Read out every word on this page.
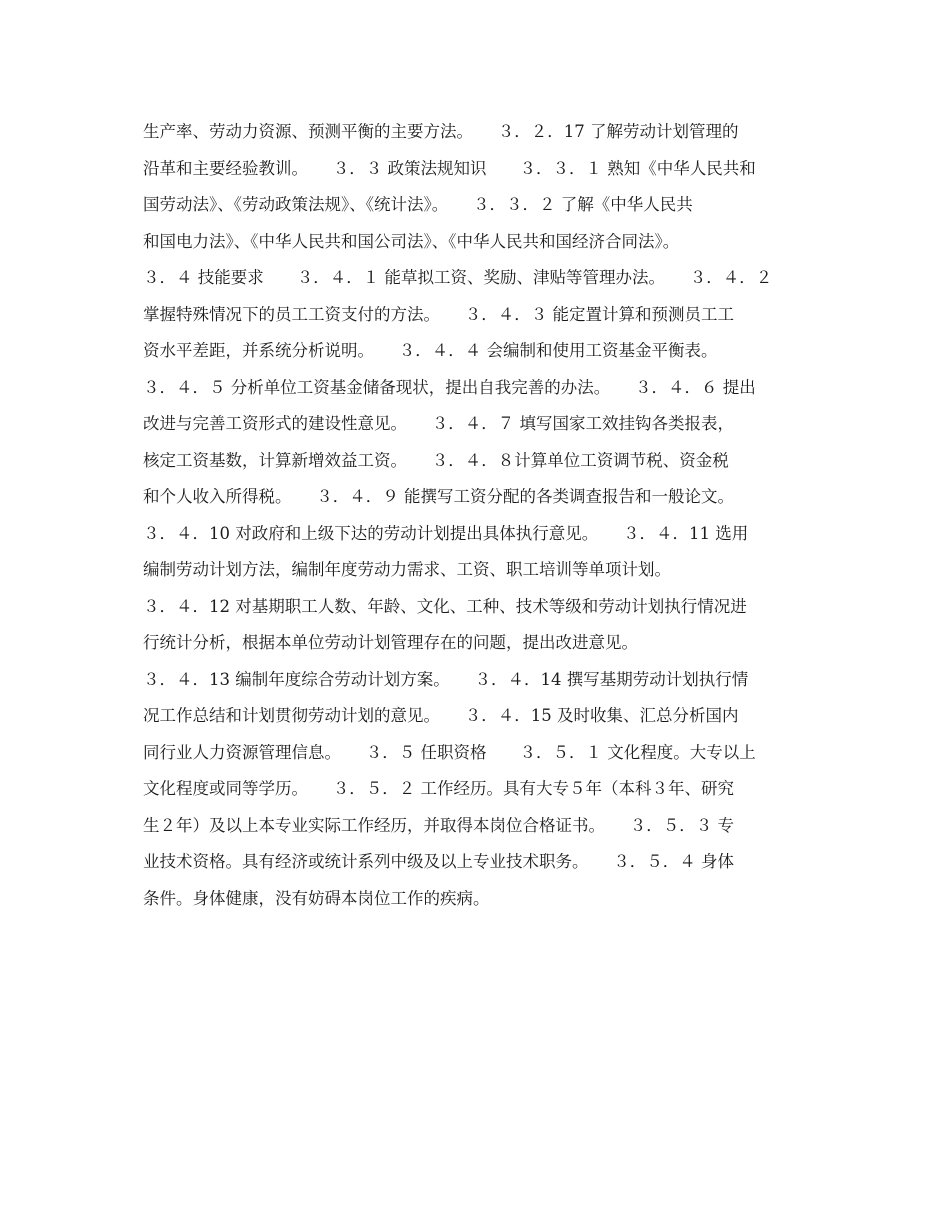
生产率、劳动力资源、预测平衡的主要方法。　　３．２．17 了解劳动计划管理的
沿革和主要经验教训。　　３．３ 政策法规知识　　３．３．１ 熟知《中华人民共和
国劳动法》、《劳动政策法规》、《统计法》。　　３．３．２ 了解《中华人民共
和国电力法》、《中华人民共和国公司法》、《中华人民共和国经济合同法》。
３．４ 技能要求　　３．４．１ 能草拟工资、奖励、津贴等管理办法。　　３．４．２
掌握特殊情况下的员工工资支付的方法。　　３．４．３ 能定置计算和预测员工工
资水平差距，并系统分析说明。　　３．４．４ 会编制和使用工资基金平衡表。
３．４．５ 分析单位工资基金储备现状，提出自我完善的办法。　　３．４．６ 提出
改进与完善工资形式的建设性意见。　　３．４．７ 填写国家工效挂钩各类报表，
核定工资基数，计算新增效益工资。　　３．４．８计算单位工资调节税、资金税
和个人收入所得税。　　３．４．９ 能撰写工资分配的各类调查报告和一般论文。
３．４．10 对政府和上级下达的劳动计划提出具体执行意见。　　３．４．11 选用
编制劳动计划方法，编制年度劳动力需求、工资、职工培训等单项计划。
３．４．12 对基期职工人数、年龄、文化、工种、技术等级和劳动计划执行情况进
行统计分析，根据本单位劳动计划管理存在的问题，提出改进意见。
３．４．13 编制年度综合劳动计划方案。　　３．４．14 撰写基期劳动计划执行情
况工作总结和计划贯彻劳动计划的意见。　　３．４．15 及时收集、汇总分析国内
同行业人力资源管理信息。　　３．５ 任职资格　　３．５．１ 文化程度。大专以上
文化程度或同等学历。　　３．５．２ 工作经历。具有大专５年（本科３年、研究
生２年）及以上本专业实际工作经历，并取得本岗位合格证书。　　３．５．３ 专
业技术资格。具有经济或统计系列中级及以上专业技术职务。　　３．５．４ 身体
条件。身体健康，没有妨碍本岗位工作的疾病。
